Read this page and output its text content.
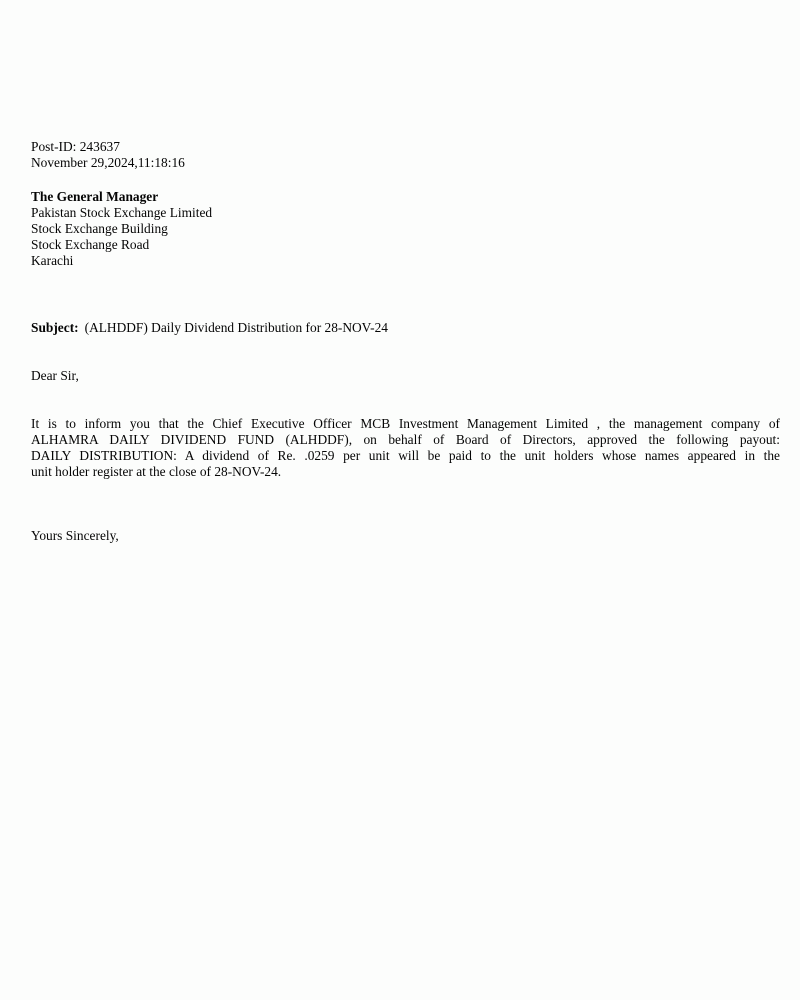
Post-ID: 243637
November 29,2024,11:18:16
The General Manager
Pakistan Stock Exchange Limited
Stock Exchange Building
Stock Exchange Road
Karachi
Subject: (ALHDDF) Daily Dividend Distribution for 28-NOV-24
Dear Sir,
It is to inform you that the Chief Executive Officer MCB Investment Management Limited , the management company of
ALHAMRA DAILY DIVIDEND FUND (ALHDDF), on behalf of Board of Directors, approved the following payout:
DAILY DISTRIBUTION: A dividend of Re. .0259 per unit will be paid to the unit holders whose names appeared in the
unit holder register at the close of 28-NOV-24.
Yours Sincerely,
